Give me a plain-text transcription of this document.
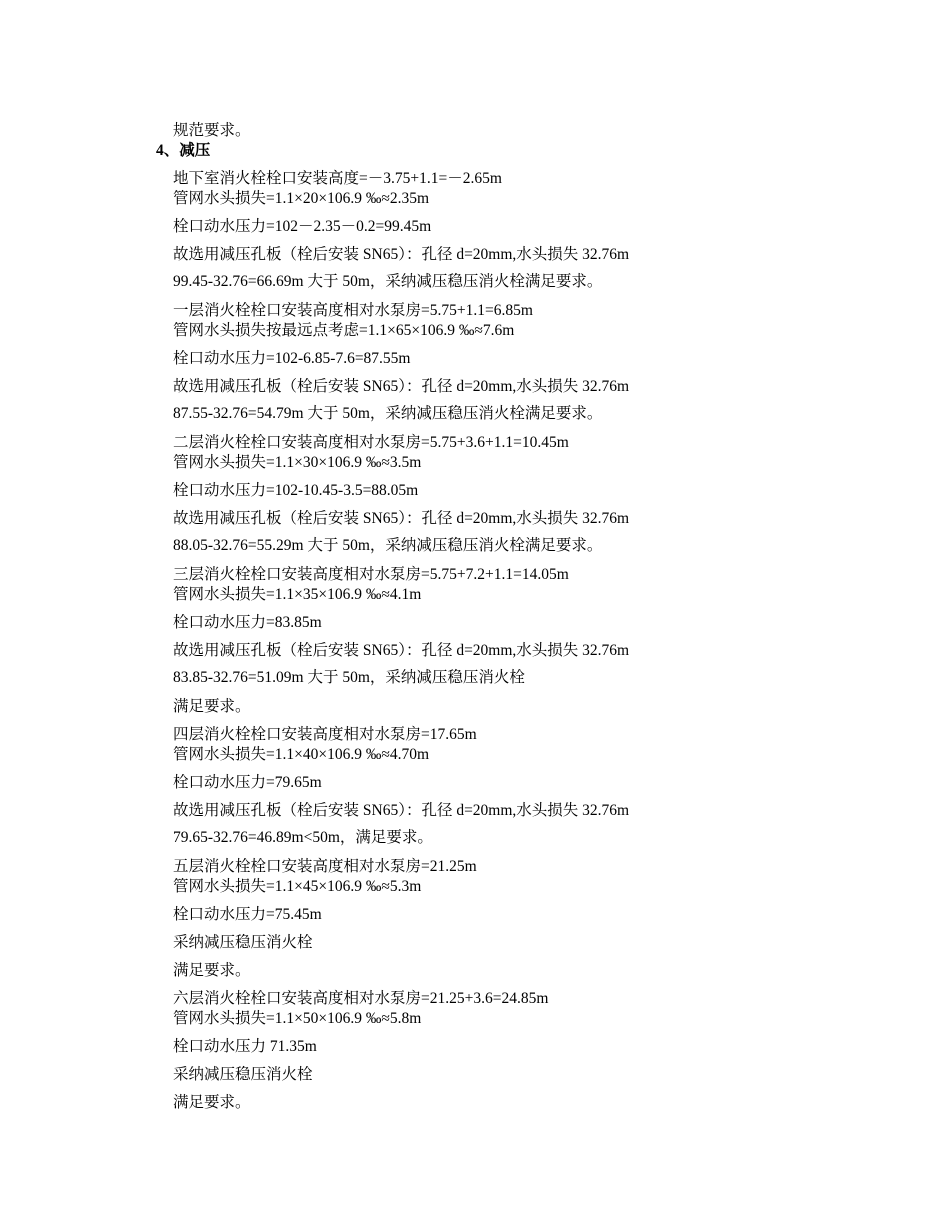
规范要求。
4、减压
地下室消火栓栓口安装高度=－3.75+1.1=－2.65m
管网水头损失=1.1×20×106.9 ‰≈2.35m
栓口动水压力=102－2.35－0.2=99.45m
故选用减压孔板（栓后安装 SN65）：孔径 d=20mm,水头损失 32.76m
99.45-32.76=66.69m 大于 50m，采纳减压稳压消火栓满足要求。
一层消火栓栓口安装高度相对水泵房=5.75+1.1=6.85m
管网水头损失按最远点考虑=1.1×65×106.9 ‰≈7.6m
栓口动水压力=102-6.85-7.6=87.55m
故选用减压孔板（栓后安装 SN65）：孔径 d=20mm,水头损失 32.76m
87.55-32.76=54.79m 大于 50m，采纳减压稳压消火栓满足要求。
二层消火栓栓口安装高度相对水泵房=5.75+3.6+1.1=10.45m
管网水头损失=1.1×30×106.9 ‰≈3.5m
栓口动水压力=102-10.45-3.5=88.05m
故选用减压孔板（栓后安装 SN65）：孔径 d=20mm,水头损失 32.76m
88.05-32.76=55.29m 大于 50m，采纳减压稳压消火栓满足要求。
三层消火栓栓口安装高度相对水泵房=5.75+7.2+1.1=14.05m
管网水头损失=1.1×35×106.9 ‰≈4.1m
栓口动水压力=83.85m
故选用减压孔板（栓后安装 SN65）：孔径 d=20mm,水头损失 32.76m
83.85-32.76=51.09m 大于 50m，采纳减压稳压消火栓
满足要求。
四层消火栓栓口安装高度相对水泵房=17.65m
管网水头损失=1.1×40×106.9 ‰≈4.70m
栓口动水压力=79.65m
故选用减压孔板（栓后安装 SN65）：孔径 d=20mm,水头损失 32.76m
79.65-32.76=46.89m<50m，满足要求。
五层消火栓栓口安装高度相对水泵房=21.25m
管网水头损失=1.1×45×106.9 ‰≈5.3m
栓口动水压力=75.45m
采纳减压稳压消火栓
满足要求。
六层消火栓栓口安装高度相对水泵房=21.25+3.6=24.85m
管网水头损失=1.1×50×106.9 ‰≈5.8m
栓口动水压力 71.35m
采纳减压稳压消火栓
满足要求。
